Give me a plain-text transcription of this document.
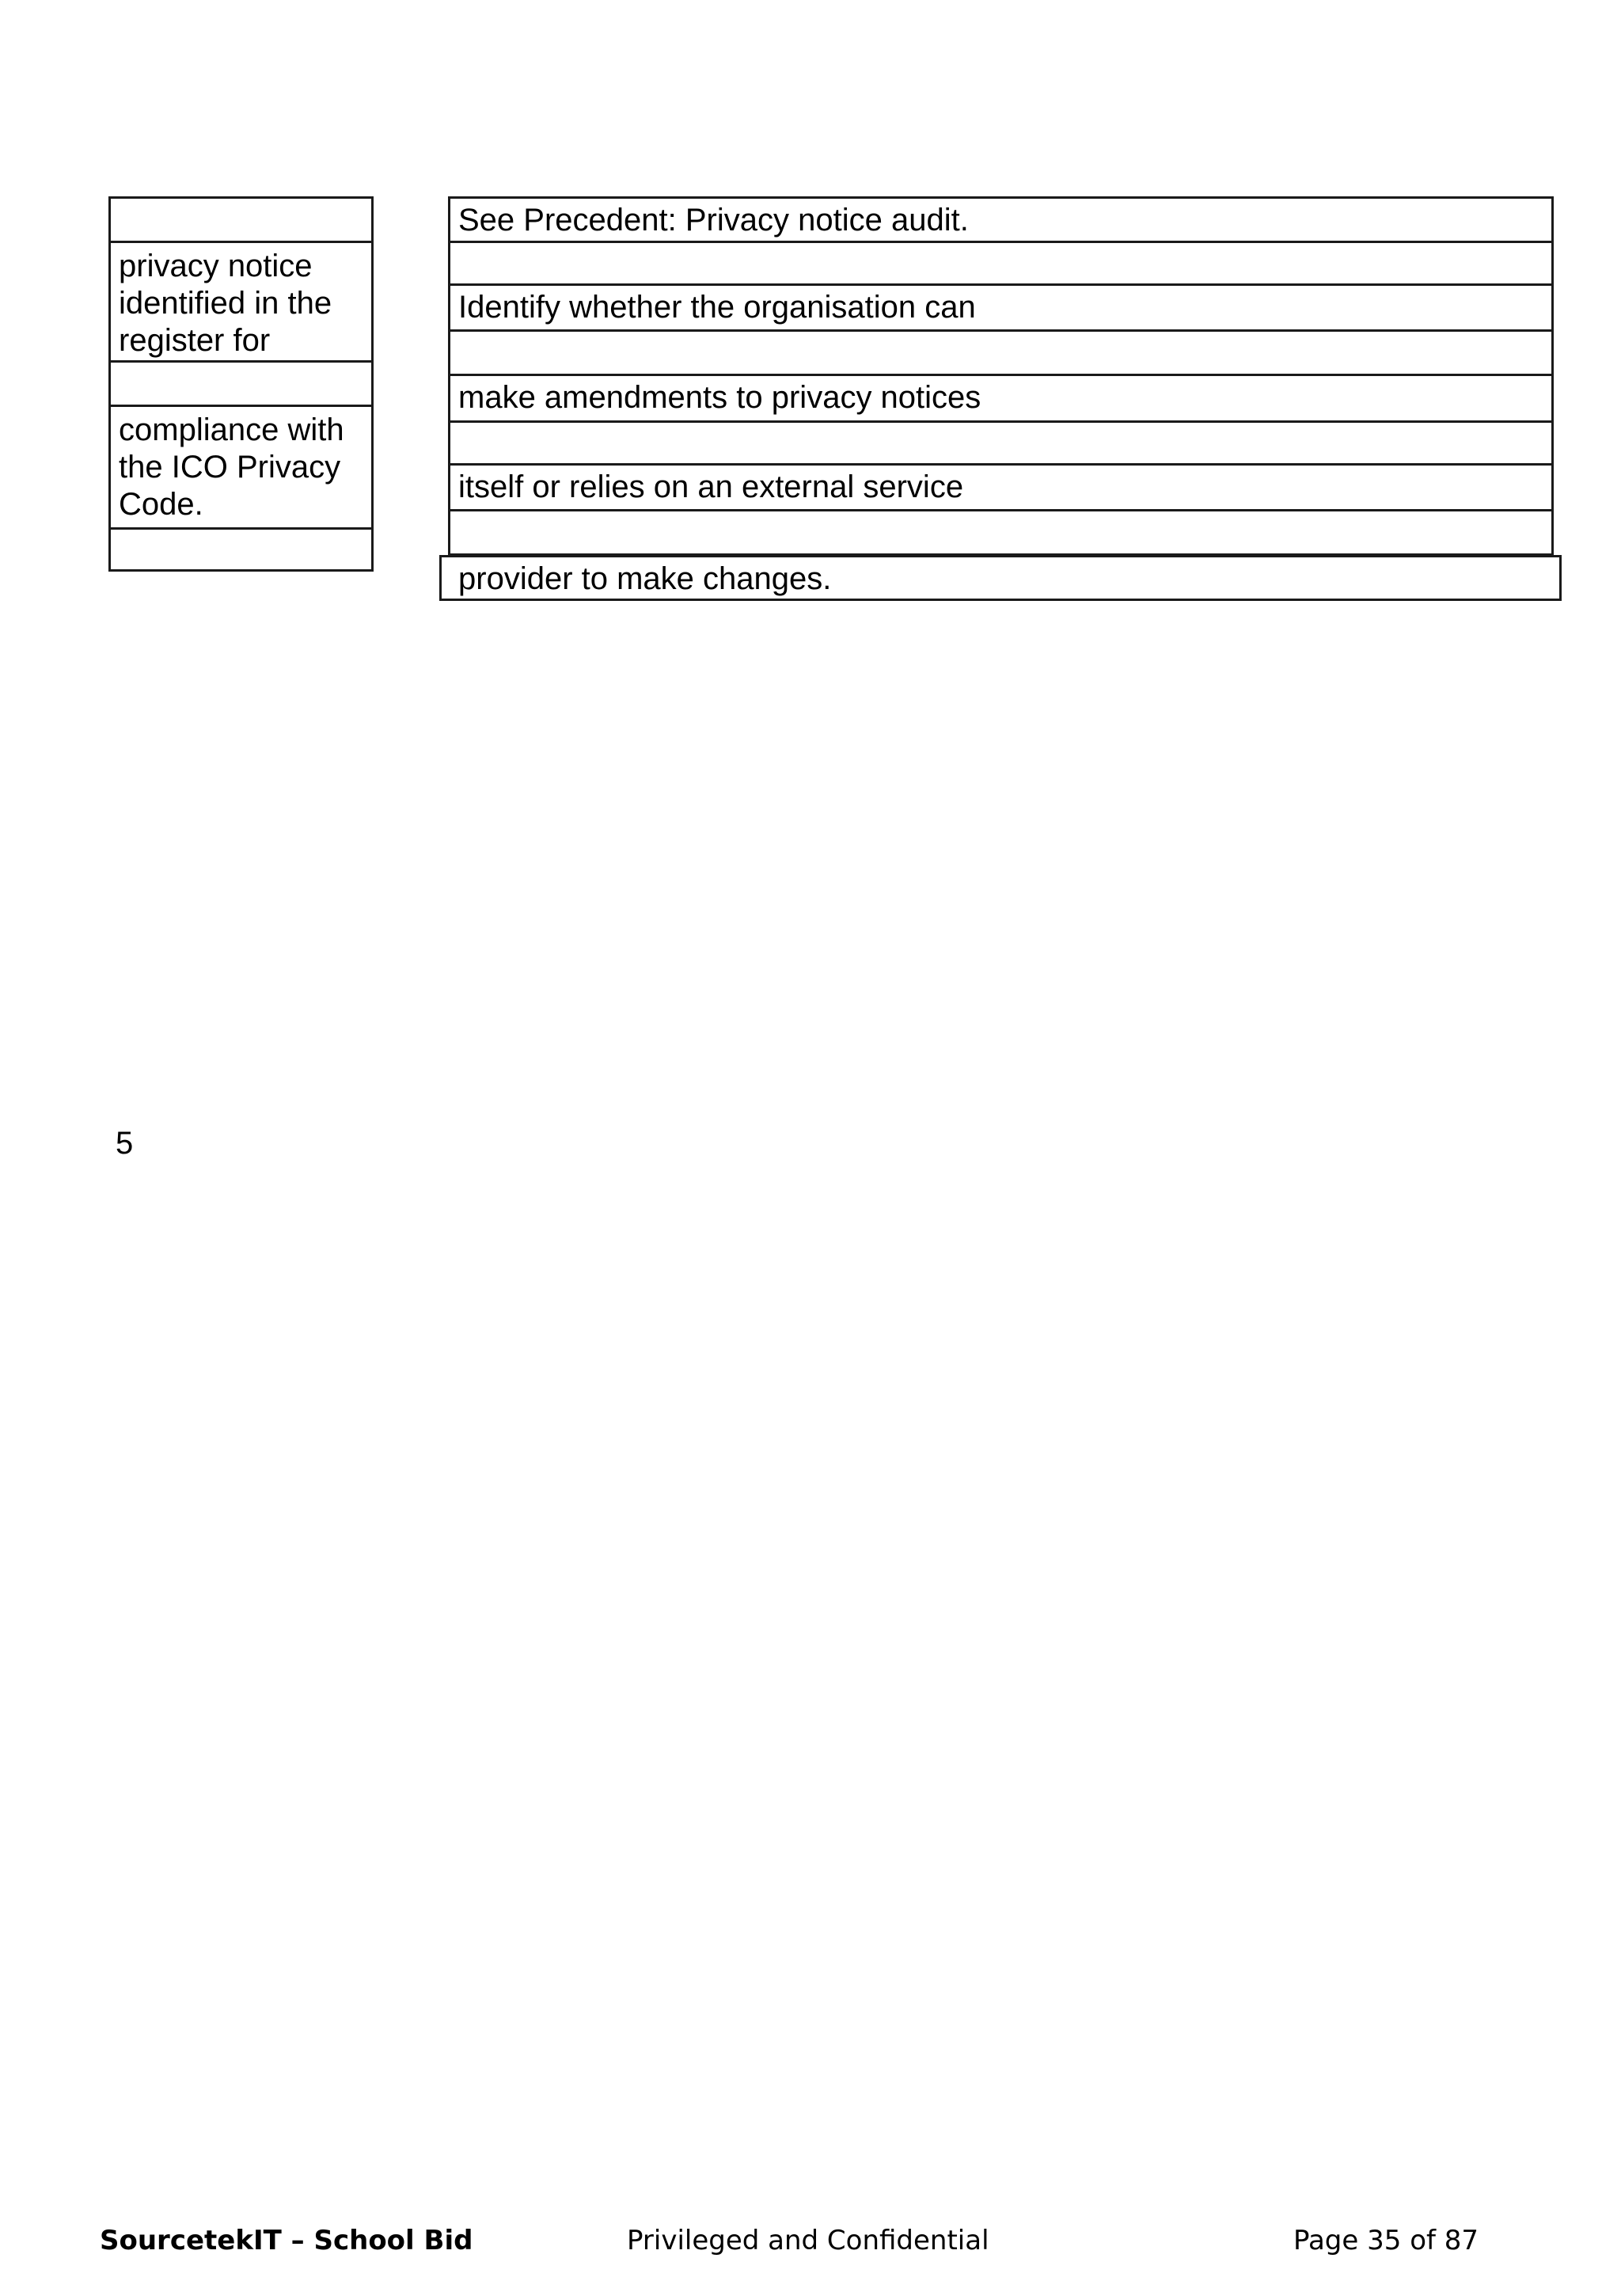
privacy notice
identified in the
register for
compliance with
the ICO Privacy
Code.
See Precedent: Privacy notice audit.
Identify whether the organisation can
make amendments to privacy notices
itself or relies on an external service
provider to make changes.
5
SourcetekIT – School Bid	Privileged and Confidential	Page 35 of 87
